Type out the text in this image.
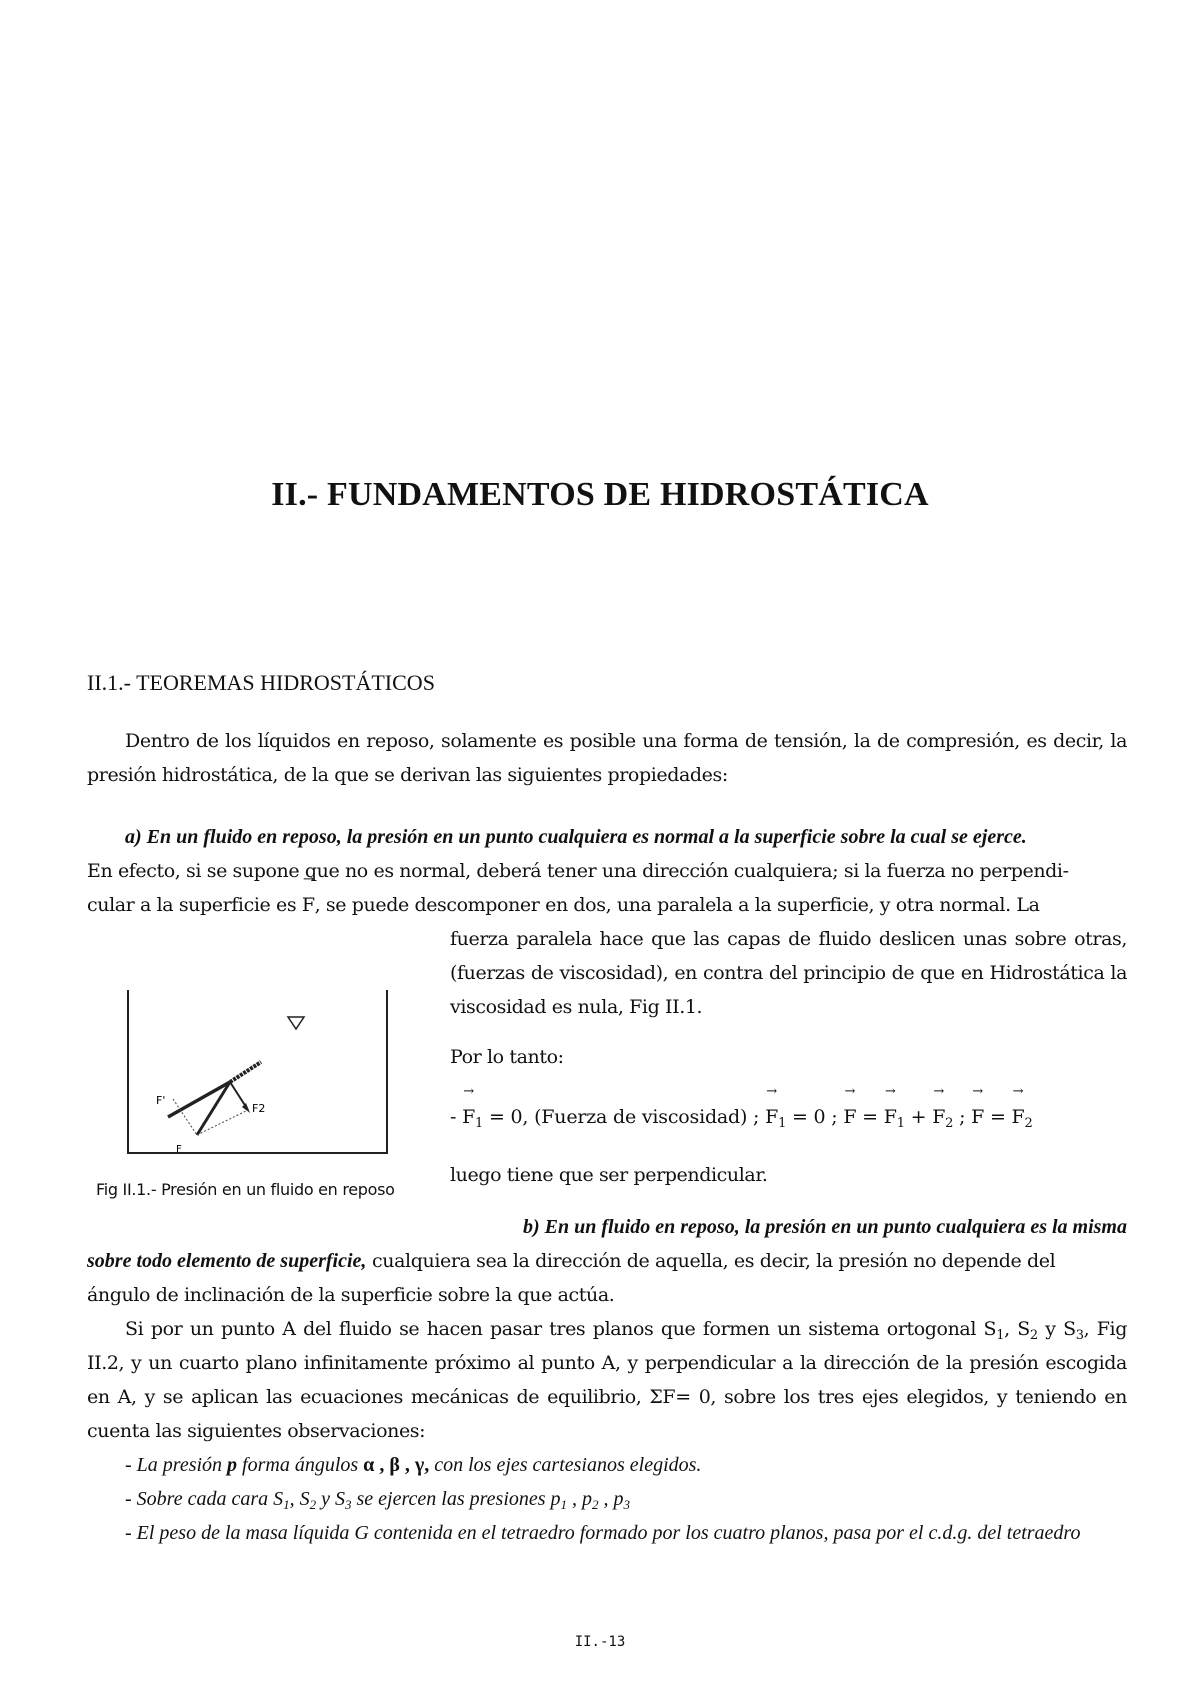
II.- FUNDAMENTOS DE HIDROSTÁTICA
II.1.- TEOREMAS HIDROSTÁTICOS
Dentro de los líquidos en reposo, solamente es posible una forma de tensión, la de compresión, es decir, la presión hidrostática, de la que se derivan las siguientes propiedades:
a) En un fluido en reposo, la presión en un punto cualquiera es normal a la superficie sobre la cual se ejerce.
En efecto, si se supone que no es normal, deberá tener una dirección cualquiera; si la fuerza no perpendi-
cular a la superficie es → F, se puede descomponer en dos, una paralela a la superficie, y otra normal. La
fuerza paralela hace que las capas de fluido deslicen unas sobre otras, (fuerzas de viscosidad), en contra del principio de que en Hidrostática la viscosidad es nula, Fig II.1.
Por lo tanto:
- → $F_1 = 0$, (Fuerza de viscosidad) ; → $F_1 = 0$ ; → F = → $F_1$ + → $F_2$ ; → F = → $F_2$
luego tiene que ser perpendicular.
F'
F
F2
Fig II.1.- Presión en un fluido en reposo
b) En un fluido en reposo, la presión en un punto cualquiera es la misma
sobre todo elemento de superficie, cualquiera sea la dirección de aquella, es decir, la presión no depende del
ángulo de inclinación de la superficie sobre la que actúa.
Si por un punto A del fluido se hacen pasar tres planos que formen un sistema ortogonal $S_1$, $S_2$ y $S_3$, Fig II.2, y un cuarto plano infinitamente próximo al punto A, y perpendicular a la dirección de la presión escogida en A, y se aplican las ecuaciones mecánicas de equilibrio, ΣF= 0, sobre los tres ejes elegidos, y teniendo en cuenta las siguientes observaciones:
- La presión p forma ángulos α , β , γ, con los ejes cartesianos elegidos.
- Sobre cada cara $S_1$, $S_2$ y $S_3$ se ejercen las presiones $p_1$ , $p_2$ , $p_3$
- El peso de la masa líquida G contenida en el tetraedro formado por los cuatro planos, pasa por el c.d.g. del tetraedro
II.-13
